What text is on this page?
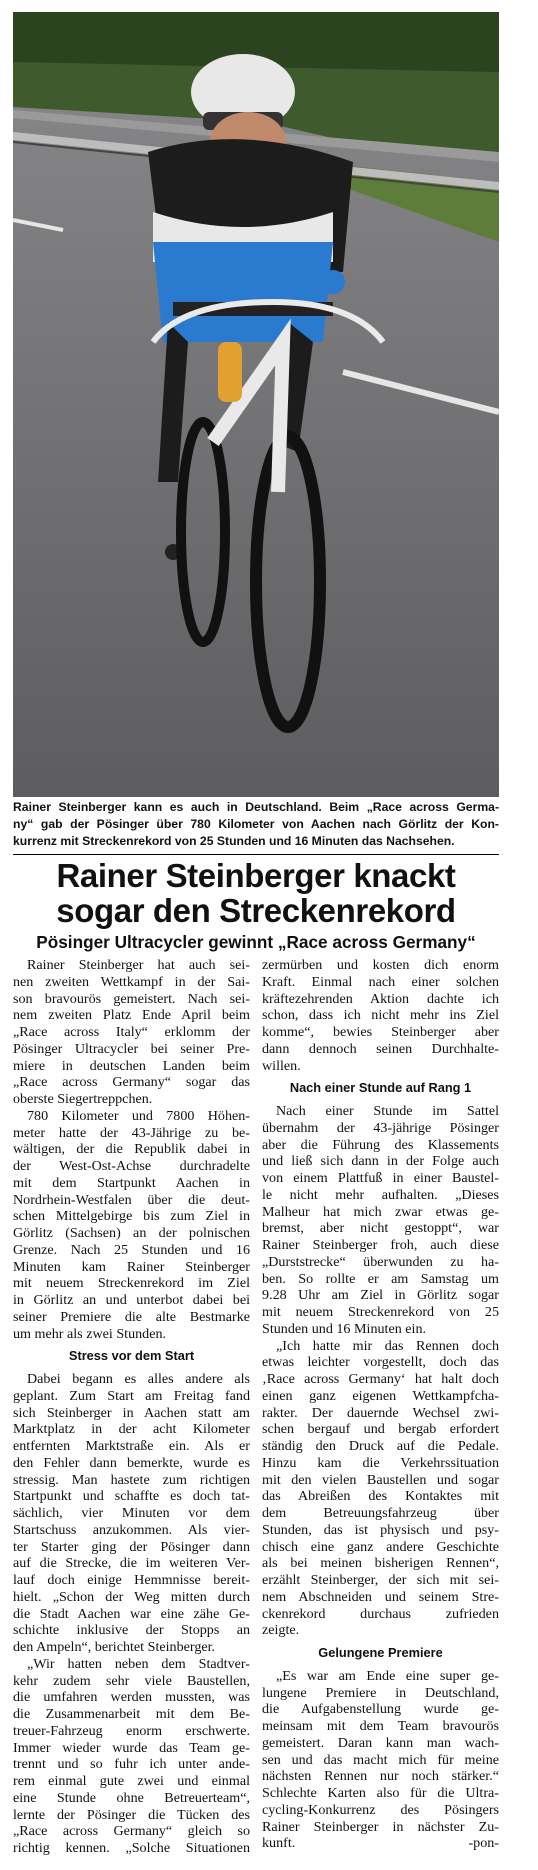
Rainer Steinberger kann es auch in Deutschland. Beim „Race across Germa-
ny“ gab der Pösinger über 780 Kilometer von Aachen nach Görlitz der Kon-
kurrenz mit Streckenrekord von 25 Stunden und 16 Minuten das Nachsehen.
Rainer Steinberger knackt
sogar den Streckenrekord
Pösinger Ultracycler gewinnt „Race across Germany“
Rainer Steinberger hat auch sei-
nen zweiten Wettkampf in der Sai-
son bravourös gemeistert. Nach sei-
nem zweiten Platz Ende April beim
„Race across Italy“ erklomm der
Pösinger Ultracycler bei seiner Pre-
miere in deutschen Landen beim
„Race across Germany“ sogar das
oberste Siegertreppchen.
780 Kilometer und 7800 Höhen-
meter hatte der 43-Jährige zu be-
wältigen, der die Republik dabei in
der West-Ost-Achse durchradelte
mit dem Startpunkt Aachen in
Nordrhein-Westfalen über die deut-
schen Mittelgebirge bis zum Ziel in
Görlitz (Sachsen) an der polnischen
Grenze. Nach 25 Stunden und 16
Minuten kam Rainer Steinberger
mit neuem Streckenrekord im Ziel
in Görlitz an und unterbot dabei bei
seiner Premiere die alte Bestmarke
um mehr als zwei Stunden.
Stress vor dem Start
Dabei begann es alles andere als
geplant. Zum Start am Freitag fand
sich Steinberger in Aachen statt am
Marktplatz in der acht Kilometer
entfernten Marktstraße ein. Als er
den Fehler dann bemerkte, wurde es
stressig. Man hastete zum richtigen
Startpunkt und schaffte es doch tat-
sächlich, vier Minuten vor dem
Startschuss anzukommen. Als vier-
ter Starter ging der Pösinger dann
auf die Strecke, die im weiteren Ver-
lauf doch einige Hemmnisse bereit-
hielt. „Schon der Weg mitten durch
die Stadt Aachen war eine zähe Ge-
schichte inklusive der Stopps an
den Ampeln“, berichtet Steinberger.
„Wir hatten neben dem Stadtver-
kehr zudem sehr viele Baustellen,
die umfahren werden mussten, was
die Zusammenarbeit mit dem Be-
treuer-Fahrzeug enorm erschwerte.
Immer wieder wurde das Team ge-
trennt und so fuhr ich unter ande-
rem einmal gute zwei und einmal
eine Stunde ohne Betreuerteam“,
lernte der Pösinger die Tücken des
„Race across Germany“ gleich so
richtig kennen. „Solche Situationen
zermürben und kosten dich enorm
Kraft. Einmal nach einer solchen
kräftezehrenden Aktion dachte ich
schon, dass ich nicht mehr ins Ziel
komme“, bewies Steinberger aber
dann dennoch seinen Durchhalte-
willen.
Nach einer Stunde auf Rang 1
Nach einer Stunde im Sattel
übernahm der 43-jährige Pösinger
aber die Führung des Klassements
und ließ sich dann in der Folge auch
von einem Plattfuß in einer Baustel-
le nicht mehr aufhalten. „Dieses
Malheur hat mich zwar etwas ge-
bremst, aber nicht gestoppt“, war
Rainer Steinberger froh, auch diese
„Durststrecke“ überwunden zu ha-
ben. So rollte er am Samstag um
9.28 Uhr am Ziel in Görlitz sogar
mit neuem Streckenrekord von 25
Stunden und 16 Minuten ein.
„Ich hatte mir das Rennen doch
etwas leichter vorgestellt, doch das
‚Race across Germany‘ hat halt doch
einen ganz eigenen Wettkampfcha-
rakter. Der dauernde Wechsel zwi-
schen bergauf und bergab erfordert
ständig den Druck auf die Pedale.
Hinzu kam die Verkehrssituation
mit den vielen Baustellen und sogar
das Abreißen des Kontaktes mit
dem Betreuungsfahrzeug über
Stunden, das ist physisch und psy-
chisch eine ganz andere Geschichte
als bei meinen bisherigen Rennen“,
erzählt Steinberger, der sich mit sei-
nem Abschneiden und seinem Stre-
ckenrekord durchaus zufrieden
zeigte.
Gelungene Premiere
„Es war am Ende eine super ge-
lungene Premiere in Deutschland,
die Aufgabenstellung wurde ge-
meinsam mit dem Team bravourös
gemeistert. Daran kann man wach-
sen und das macht mich für meine
nächsten Rennen nur noch stärker.“
Schlechte Karten also für die Ultra-
cycling-Konkurrenz des Pösingers
Rainer Steinberger in nächster Zu-
kunft.	-pon-
